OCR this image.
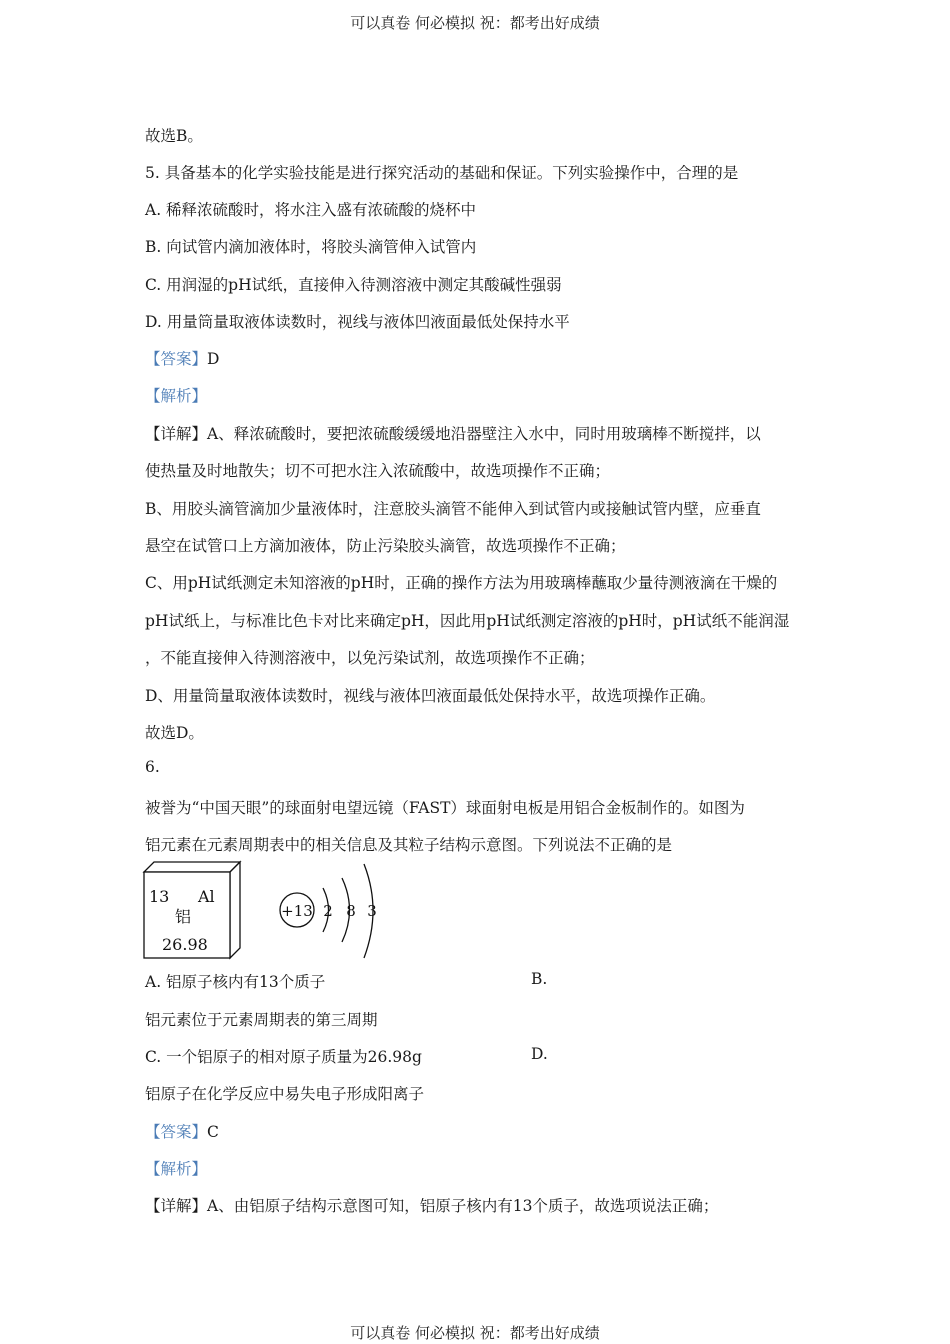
可以真卷 何必模拟 祝：都考出好成绩
故选B。
5. 具备基本的化学实验技能是进行探究活动的基础和保证。下列实验操作中，合理的是
A. 稀释浓硫酸时，将水注入盛有浓硫酸的烧杯中
B. 向试管内滴加液体时，将胶头滴管伸入试管内
C. 用润湿的pH试纸，直接伸入待测溶液中测定其酸碱性强弱
D. 用量筒量取液体读数时，视线与液体凹液面最低处保持水平
【答案】D
【解析】
【详解】A、释浓硫酸时，要把浓硫酸缓缓地沿器壁注入水中，同时用玻璃棒不断搅拌，以
使热量及时地散失；切不可把水注入浓硫酸中，故选项操作不正确；
B、用胶头滴管滴加少量液体时，注意胶头滴管不能伸入到试管内或接触试管内壁，应垂直
悬空在试管口上方滴加液体，防止污染胶头滴管，故选项操作不正确；
C、用pH试纸测定未知溶液的pH时，正确的操作方法为用玻璃棒蘸取少量待测液滴在干燥的
pH试纸上，与标准比色卡对比来确定pH，因此用pH试纸测定溶液的pH时，pH试纸不能润湿
，不能直接伸入待测溶液中，以免污染试剂，故选项操作不正确；
D、用量筒量取液体读数时，视线与液体凹液面最低处保持水平，故选项操作正确。
故选D。
6.
被誉为“中国天眼”的球面射电望远镜（FAST）球面射电板是用铝合金板制作的。如图为
铝元素在元素周期表中的相关信息及其粒子结构示意图。下列说法不正确的是
13 Al
铝
26.98
+13 2 8 3
A. 铝原子核内有13个质子	B.
铝元素位于元素周期表的第三周期
C. 一个铝原子的相对原子质量为26.98g	D.
铝原子在化学反应中易失电子形成阳离子
【答案】C
【解析】
【详解】A、由铝原子结构示意图可知，铝原子核内有13个质子，故选项说法正确；
可以真卷 何必模拟 祝：都考出好成绩
